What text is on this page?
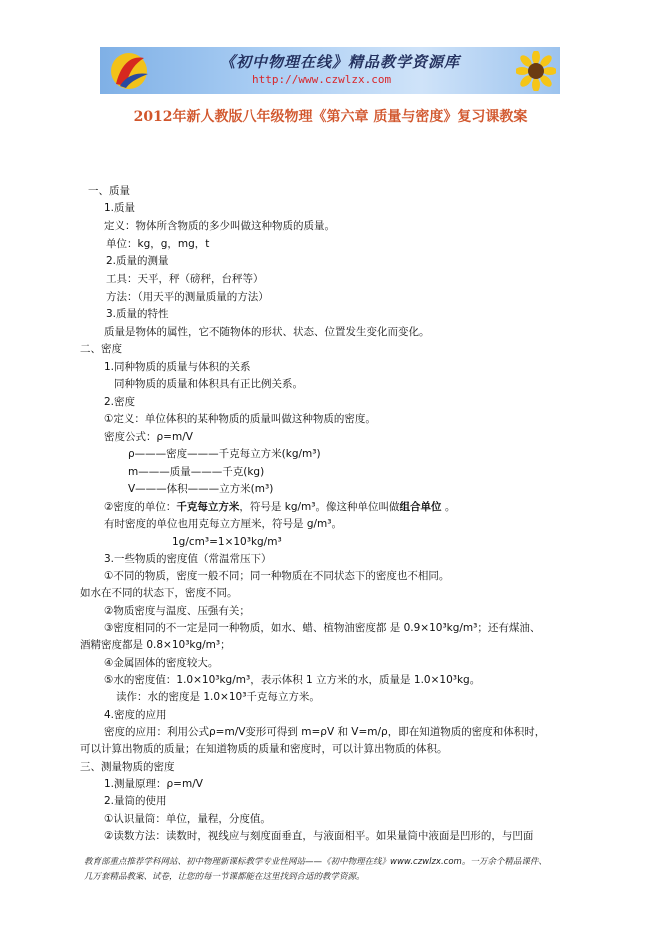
《初中物理在线》精品教学资源库
http://www.czwlzx.com
2012年新人教版八年级物理《第六章 质量与密度》复习课教案
一、质量
1.质量
定义：物体所含物质的多少叫做这种物质的质量。
单位：kg，g，mg，t
2.质量的测量
工具：天平，秤（磅秤，台秤等）
方法：（用天平的测量质量的方法）
3.质量的特性
质量是物体的属性，它不随物体的形状、状态、位置发生变化而变化。
二、密度
1.同种物质的质量与体积的关系
同种物质的质量和体积具有正比例关系。
2.密度
①定义：单位体积的某种物质的质量叫做这种物质的密度。
密度公式：ρ=m/V
ρ———密度———千克每立方米(kg/m³)
m———质量———千克(kg)
V———体积———立方米(m³)
②密度的单位：千克每立方米，符号是 kg/m³。像这种单位叫做组合单位 。
有时密度的单位也用克每立方厘米，符号是 g/m³。
1g/cm³=1×10³kg/m³
3.一些物质的密度值（常温常压下）
①不同的物质，密度一般不同；同一种物质在不同状态下的密度也不相同。
如水在不同的状态下，密度不同。
②物质密度与温度、压强有关；
③密度相同的不一定是同一种物质，如水、蜡、植物油密度都 是 0.9×10³kg/m³；还有煤油、
酒精密度都是 0.8×10³kg/m³；
④金属固体的密度较大。
⑤水的密度值：1.0×10³kg/m³，表示体积 1 立方米的水，质量是 1.0×10³kg。
读作：水的密度是 1.0×10³千克每立方米。
4.密度的应用
密度的应用：利用公式ρ=m/V变形可得到 m=ρV 和 V=m/ρ，即在知道物质的密度和体积时，
可以计算出物质的质量；在知道物质的质量和密度时，可以计算出物质的体积。
三、测量物质的密度
1.测量原理：ρ=m/V
2.量筒的使用
①认识量筒：单位，量程，分度值。
②读数方法：读数时，视线应与刻度面垂直，与液面相平。如果量筒中液面是凹形的，与凹面
教育部重点推荐学科网站、初中物理新课标教学专业性网站——《初中物理在线》www.czwlzx.com。一万余个精品课件、
几万套精品教案、试卷，让您的每一节课都能在这里找到合适的教学资源。
